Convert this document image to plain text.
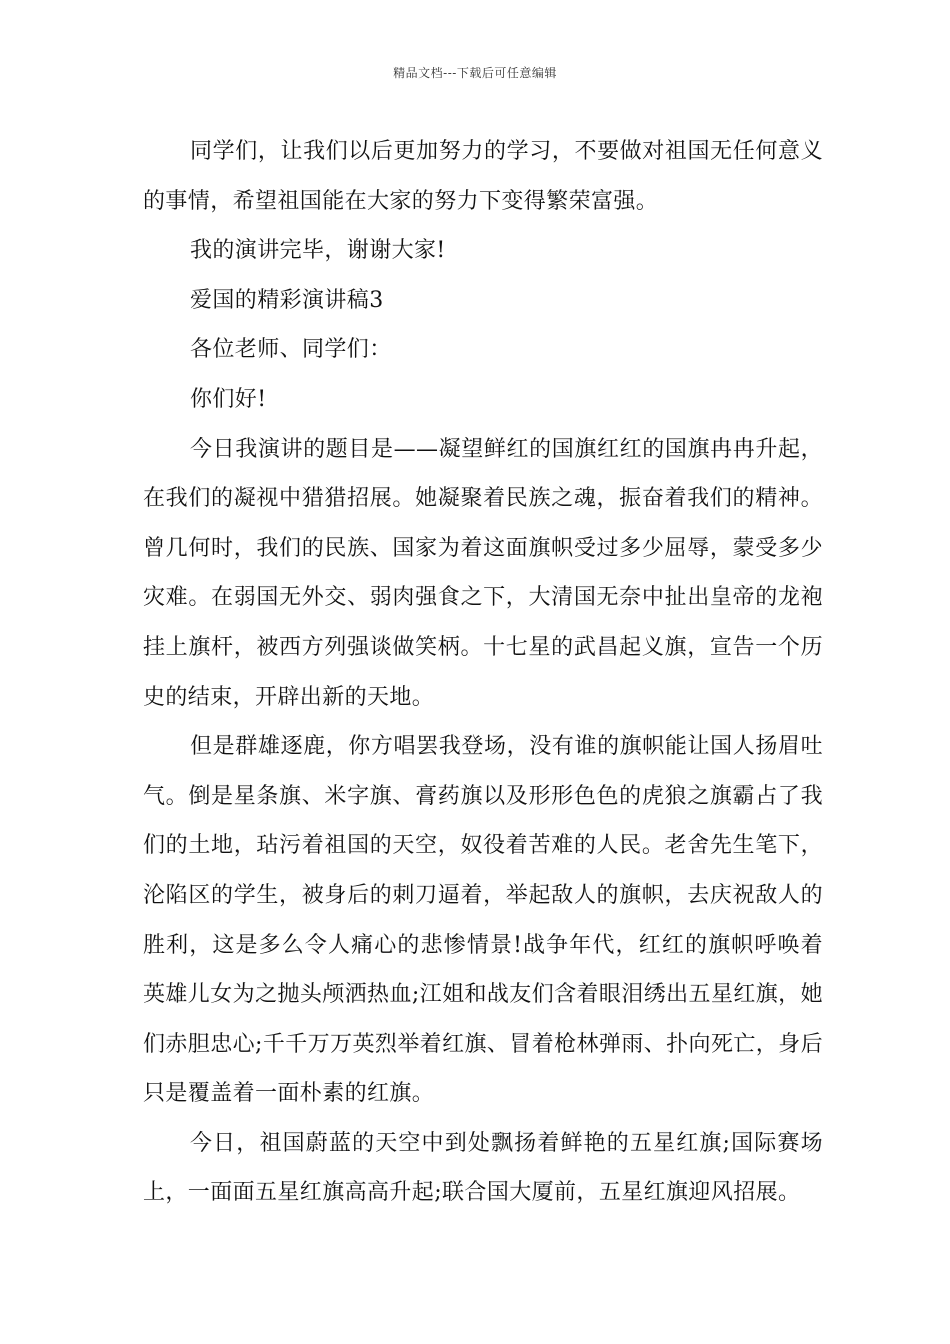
精品文档---下载后可任意编辑

同学们，让我们以后更加努力的学习，不要做对祖国无任何意义的事情，希望祖国能在大家的努力下变得繁荣富强。

我的演讲完毕，谢谢大家!

爱国的精彩演讲稿3

各位老师、同学们：

你们好!

今日我演讲的题目是——凝望鲜红的国旗红红的国旗冉冉升起，在我们的凝视中猎猎招展。她凝聚着民族之魂，振奋着我们的精神。曾几何时，我们的民族、国家为着这面旗帜受过多少屈辱，蒙受多少灾难。在弱国无外交、弱肉强食之下，大清国无奈中扯出皇帝的龙袍挂上旗杆，被西方列强谈做笑柄。十七星的武昌起义旗，宣告一个历史的结束，开辟出新的天地。

但是群雄逐鹿，你方唱罢我登场，没有谁的旗帜能让国人扬眉吐气。倒是星条旗、米字旗、膏药旗以及形形色色的虎狼之旗霸占了我们的土地，玷污着祖国的天空，奴役着苦难的人民。老舍先生笔下，沦陷区的学生，被身后的刺刀逼着，举起敌人的旗帜，去庆祝敌人的胜利，这是多么令人痛心的悲惨情景!战争年代，红红的旗帜呼唤着英雄儿女为之抛头颅洒热血;江姐和战友们含着眼泪绣出五星红旗，她们赤胆忠心;千千万万英烈举着红旗、冒着枪林弹雨、扑向死亡，身后只是覆盖着一面朴素的红旗。

今日，祖国蔚蓝的天空中到处飘扬着鲜艳的五星红旗;国际赛场上，一面面五星红旗高高升起;联合国大厦前，五星红旗迎风招展。
